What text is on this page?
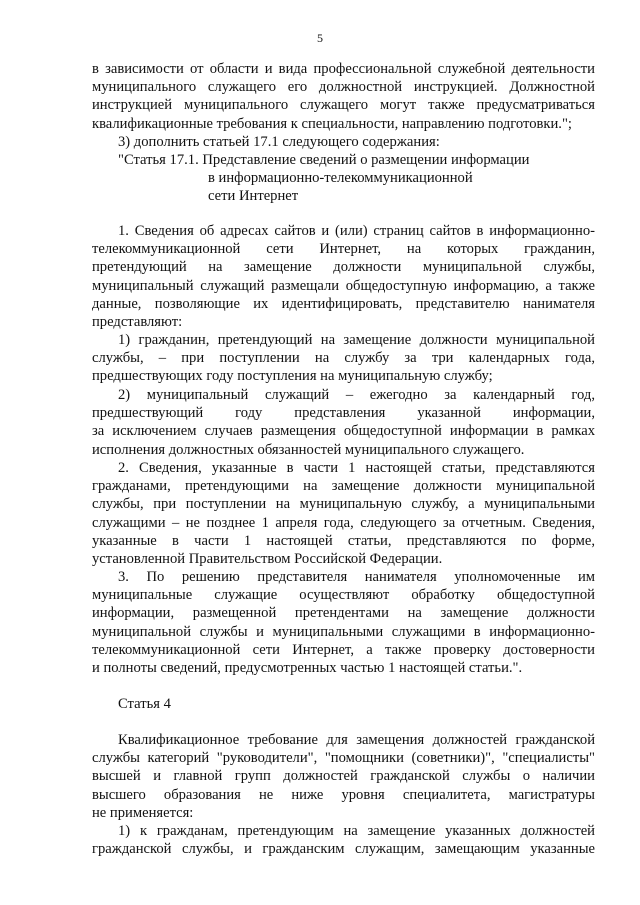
5
в зависимости от области и вида профессиональной служебной деятельности
муниципального служащего его должностной инструкцией. Должностной
инструкцией муниципального служащего могут также предусматриваться
квалификационные требования к специальности, направлению подготовки.";
3) дополнить статьей 17.1 следующего содержания:
"Статья 17.1. Представление сведений о размещении информации
в информационно-телекоммуникационной
сети Интернет
1. Сведения об адресах сайтов и (или) страниц сайтов в информационно-
телекоммуникационной сети Интернет, на которых гражданин,
претендующий на замещение должности муниципальной службы,
муниципальный служащий размещали общедоступную информацию, а также
данные, позволяющие их идентифицировать, представителю нанимателя
представляют:
1) гражданин, претендующий на замещение должности муниципальной
службы, – при поступлении на службу за три календарных года,
предшествующих году поступления на муниципальную службу;
2) муниципальный служащий – ежегодно за календарный год,
предшествующий году представления указанной информации,
за исключением случаев размещения общедоступной информации в рамках
исполнения должностных обязанностей муниципального служащего.
2. Сведения, указанные в части 1 настоящей статьи, представляются
гражданами, претендующими на замещение должности муниципальной
службы, при поступлении на муниципальную службу, а муниципальными
служащими – не позднее 1 апреля года, следующего за отчетным. Сведения,
указанные в части 1 настоящей статьи, представляются по форме,
установленной Правительством Российской Федерации.
3. По решению представителя нанимателя уполномоченные им
муниципальные служащие осуществляют обработку общедоступной
информации, размещенной претендентами на замещение должности
муниципальной службы и муниципальными служащими в информационно-
телекоммуникационной сети Интернет, а также проверку достоверности
и полноты сведений, предусмотренных частью 1 настоящей статьи.".
Статья 4
Квалификационное требование для замещения должностей гражданской
службы категорий "руководители", "помощники (советники)", "специалисты"
высшей и главной групп должностей гражданской службы о наличии
высшего образования не ниже уровня специалитета, магистратуры
не применяется:
1) к гражданам, претендующим на замещение указанных должностей
гражданской службы, и гражданским служащим, замещающим указанные
